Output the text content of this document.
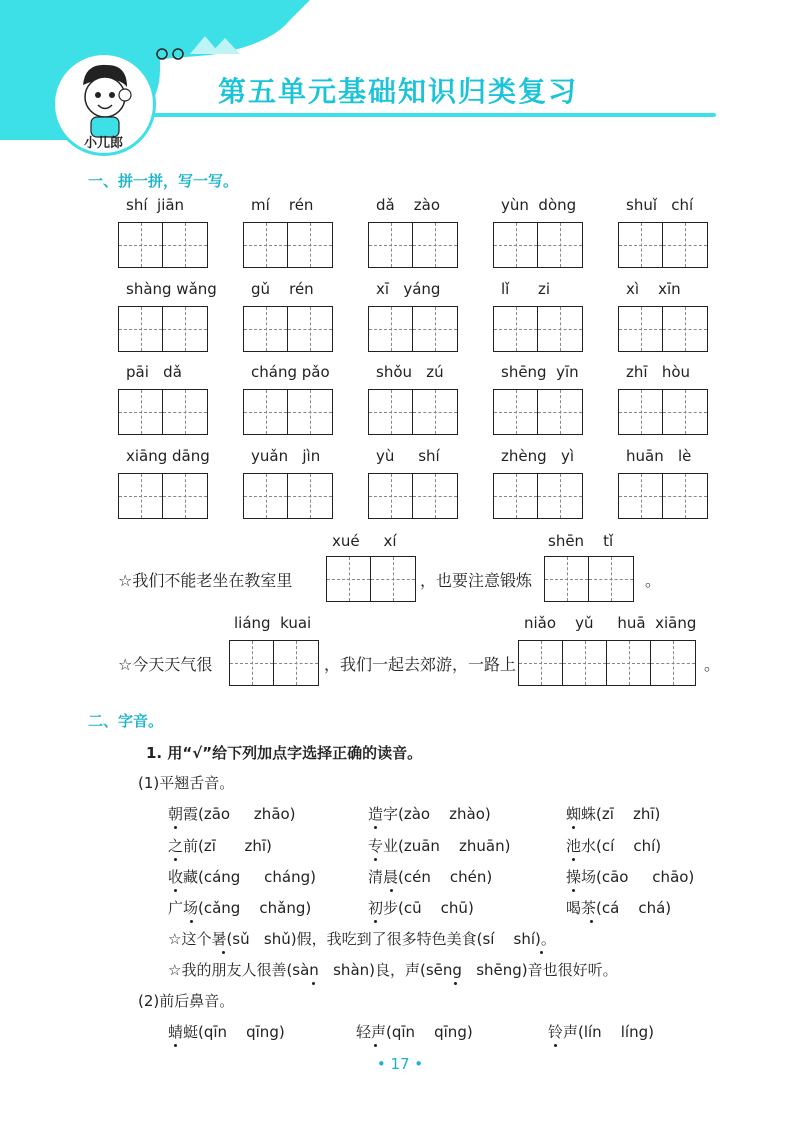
小儿郎
第五单元基础知识归类复习
一、拼一拼，写一写。
shí  jiān	mí    rén	dǎ    zào	yùn  dòng	shuǐ   chí
shàng wǎng gǔ    rén	xī   yáng	lǐ      zi	xì    xīn
pāi   dǎ	cháng pǎo	shǒu   zú	shēng  yīn	zhī   hòu
xiāng dāng	yuǎn   jìn	yù     shí	zhèng   yì	huān   lè
xué     xí	shēn    tǐ
☆我们不能老坐在教室里	，也要注意锻炼	。
liáng  kuai	niǎo    yǔ     huā  xiāng
☆今天天气很	，我们一起去郊游，一路上	。
二、字音。
1. 用“√”给下列加点字选择正确的读音。
(1)平翘舌音。
朝霞(zāo     zhāo)	造字(zào    zhào)	蜘蛛(zī    zhī)
之前(zī      zhī)	专业(zuān    zhuān)	池水(cí    chí)
收藏(cáng     cháng)	清晨(cén    chén)	操场(cāo     chāo)
广场(cǎng    chǎng)	初步(cū    chū)	喝茶(cá    chá)
☆这个暑(sǔ   shǔ)假，我吃到了很多特色美食(sí    shí)。
☆我的朋友人很善(sàn   shàn)良，声(sēng   shēng)音也很好听。
(2)前后鼻音。
蜻蜓(qīn    qīng)	轻声(qīn    qīng)	铃声(lín    líng)
• 17 •
